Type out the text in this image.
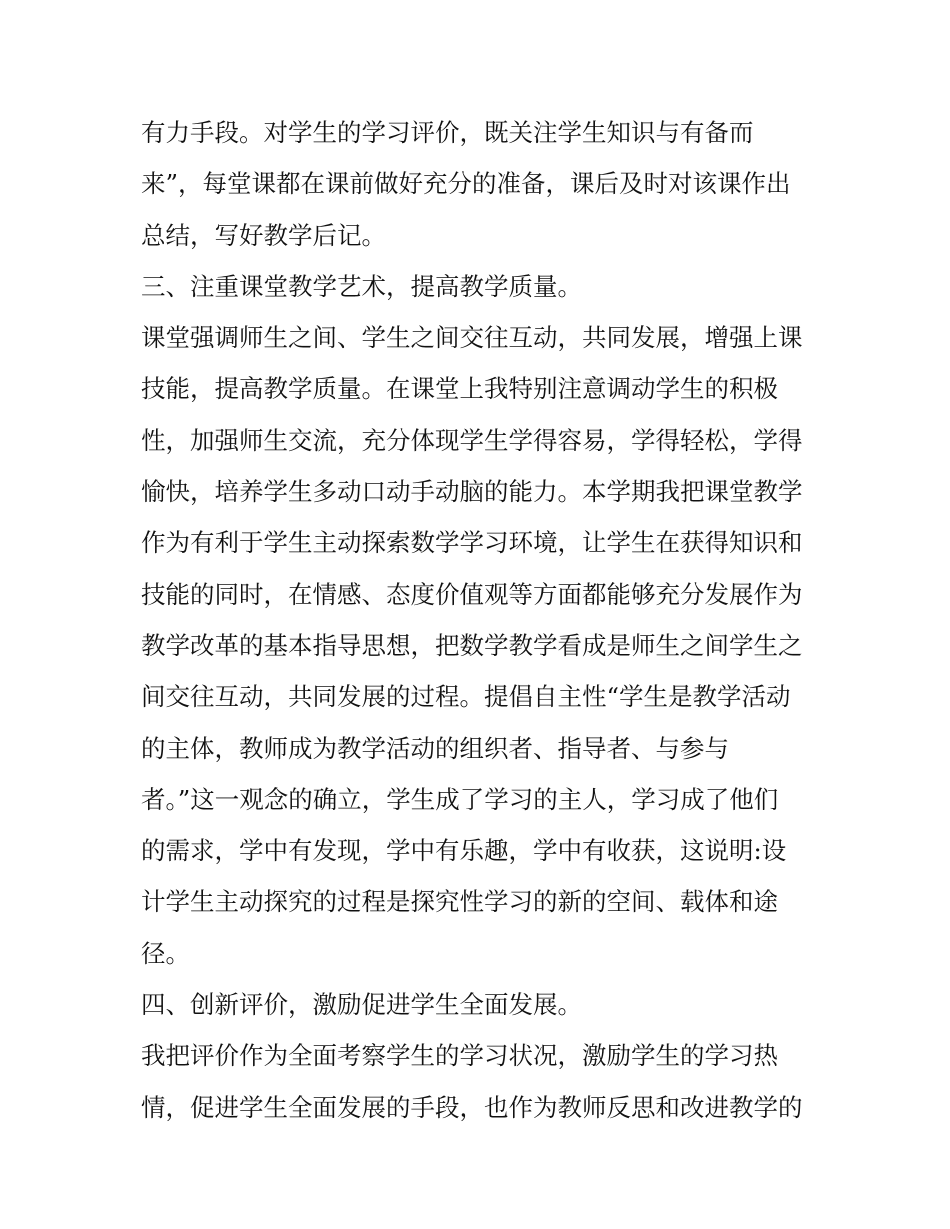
有力手段。对学生的学习评价，既关注学生知识与有备而
来”，每堂课都在课前做好充分的准备，课后及时对该课作出
总结，写好教学后记。
三、注重课堂教学艺术，提高教学质量。
课堂强调师生之间、学生之间交往互动，共同发展，增强上课
技能，提高教学质量。在课堂上我特别注意调动学生的积极
性，加强师生交流，充分体现学生学得容易，学得轻松，学得
愉快，培养学生多动口动手动脑的能力。本学期我把课堂教学
作为有利于学生主动探索数学学习环境，让学生在获得知识和
技能的同时，在情感、态度价值观等方面都能够充分发展作为
教学改革的基本指导思想，把数学教学看成是师生之间学生之
间交往互动，共同发展的过程。提倡自主性“学生是教学活动
的主体，教师成为教学活动的组织者、指导者、与参与
者。”这一观念的确立，学生成了学习的主人，学习成了他们
的需求，学中有发现，学中有乐趣，学中有收获，这说明:设
计学生主动探究的过程是探究性学习的新的空间、载体和途
径。
四、创新评价，激励促进学生全面发展。
我把评价作为全面考察学生的学习状况，激励学生的学习热
情，促进学生全面发展的手段，也作为教师反思和改进教学的
